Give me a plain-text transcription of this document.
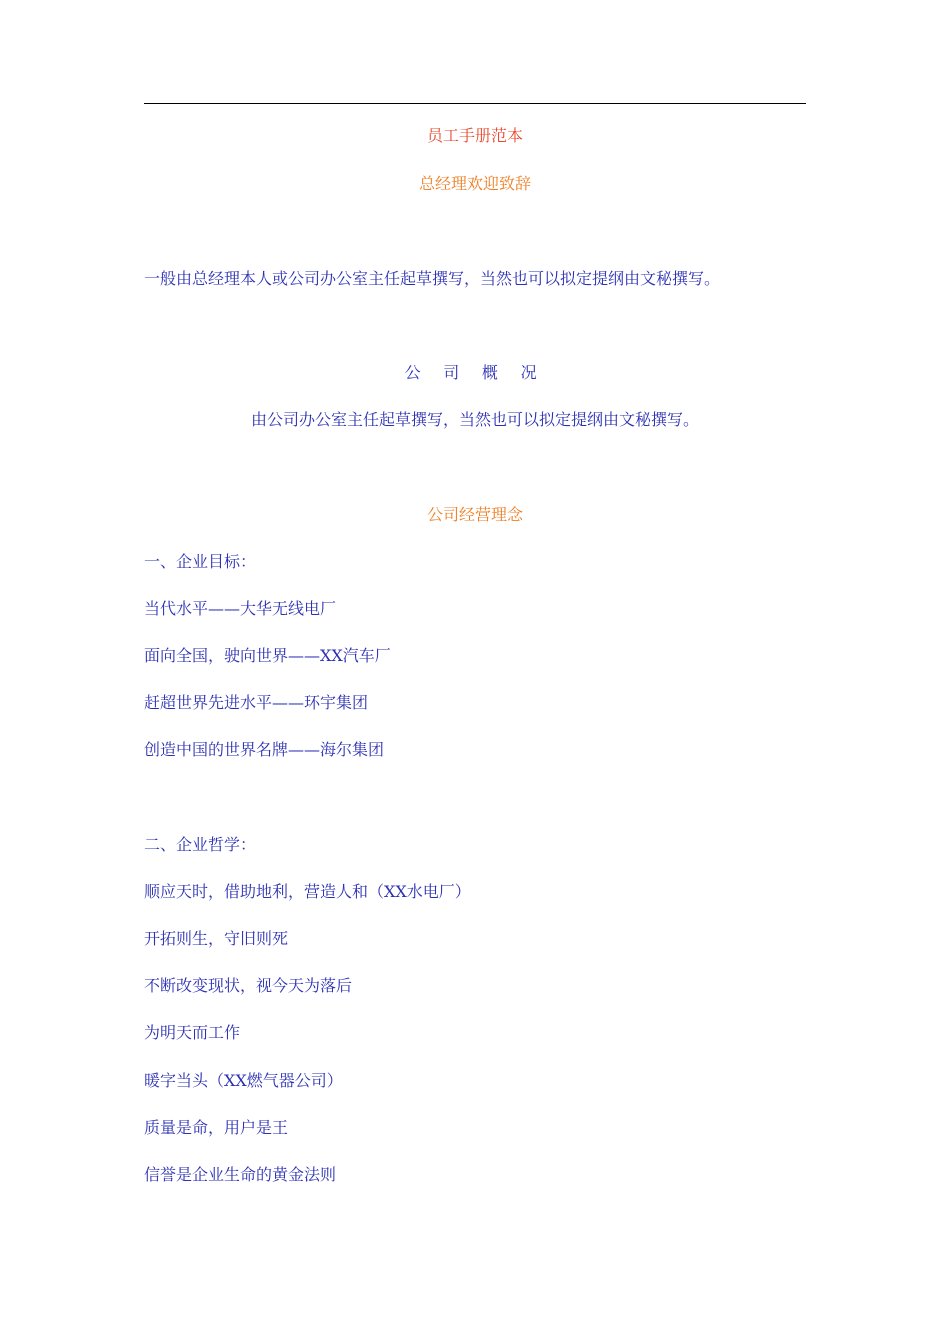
员工手册范本
总经理欢迎致辞
一般由总经理本人或公司办公室主任起草撰写，当然也可以拟定提纲由文秘撰写。
公 司 概 况
由公司办公室主任起草撰写，当然也可以拟定提纲由文秘撰写。
公司经营理念
一、企业目标：
当代水平——大华无线电厂
面向全国，驶向世界——XX汽车厂
赶超世界先进水平——环宇集团
创造中国的世界名牌——海尔集团
二、企业哲学：
顺应天时，借助地利，营造人和（XX水电厂）
开拓则生，守旧则死
不断改变现状，视今天为落后
为明天而工作
暖字当头（XX燃气器公司）
质量是命，用户是王
信誉是企业生命的黄金法则
